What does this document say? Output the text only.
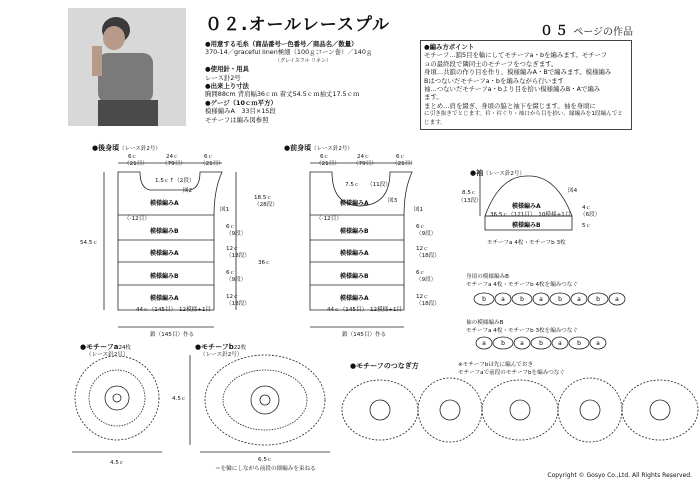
０２.オールレースプル	０５ ページの作品
●用意する毛糸（商品番号ー色番号／商品名／数量）
370-14／graceful linen極細（100ｇコーン巻）／140ｇ
（グレイスフル リネン）
●使用針・用具
レース針2号
●出来上り寸法
胸囲88cm 背肩幅36ｃｍ 着丈54.5ｃｍ袖丈17.5ｃｍ
●ゲージ（10ｃｍ平方）
模様編みA　33目×15段
モチーフは編み図参照
●編み方ポイント
モチーフ…鎖5目を輪にしてモチーフa・bを編みます。モチーフ
ａの最終段で隣同士のモチーフをつなぎます。
身頃…共鎖の作り目を作り、模様編みA・Bで編みます。模様編み
Bはつないだモチーフa・bを編みながら行います
袖…つないだモチーフa・bより目を拾い模様編みB・Aで編み
ます。
まとめ…肩を綴ぎ、身頃の脇と袖下を綴じます。袖を身頃に
に引き抜きでとじます。衿・衿ぐり・袖口から目を拾い、縁編みを1段編んでとじます。
b	a	b	a	b	a	b	a
a	b	a	b	a	b	a
●後身頃（レース針2号）
6ｃ	24ｃ	6ｃ
（21目）	（79目）	（21目）
1.5ｃ↑（2段）
図2
図1
（-12目）
18.5ｃ
（28段）
54.5ｃ
36ｃ
模様編みA
模様編みB
模様編みA
模様編みB
模様編みA
6ｃ
（9段）
12ｃ
（18段）
12ｃ
（18段）
6ｃ
（9段）
44ｃ（145目）　12模様+1目
鎖（145目）作る
●前身頃（レース針2号）
6ｃ	24ｃ	6ｃ
（21目） （79目）	（21目）
7.5ｃ （11段）
図3
図1
（-12目）
模様編みA
模様編みB
模様編みA
模様編みB
模様編みA
6ｃ
（9段）
12ｃ
（18段）
12ｃ
（18段）
6ｃ
（9段）
44ｃ（145目）　12模様+1目
鎖（145目）作る
●袖（レース針2号）
8.5ｃ
（13段）
図4
模様編みA
模様編みB
36.5ｃ（121目）　10模様+1目
4ｃ
（6段）
5ｃ
モチーフa 4枚・モチーフb 3枚
身頃の模様編みB
モチーフa 4枚・モチーフb 4枚を編みつなぐ
袖の模様編みB
モチーフa 4枚・モチーフb 3枚を編みつなぐ
●モチーフa24枚
（レース針2号）
4.5ｃ
●モチーフb22枚
（レース針2号）
4.5ｃ
6.5ｃ
＝を輪にしながら前段の細編みを束ねる
●モチーフのつなぎ方	※モチーフbは先に編んでおき
モチーフaで前段のモチーフbを編みつなぐ
Copyright © Gosyo Co.,Ltd. All Rights Reserved.
